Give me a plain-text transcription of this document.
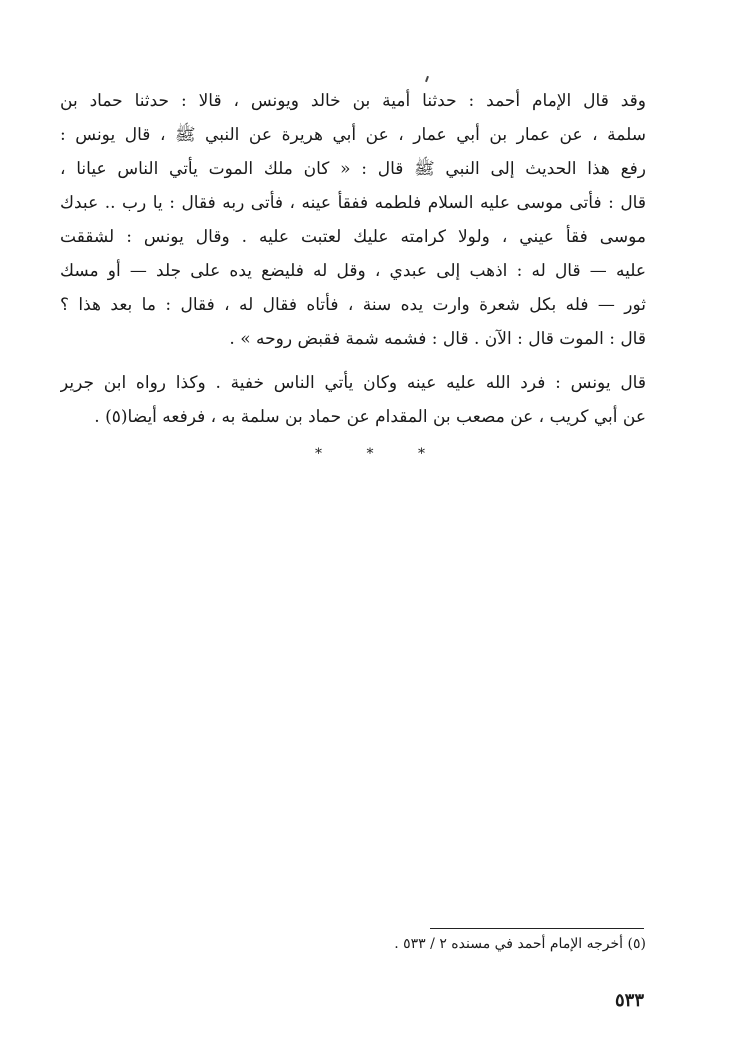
وقد قال الإمام أحمد : حدثنا أمية بن خالد ويونس ، قالا : حدثنا حماد بن
سلمة ، عن عمار بن أبي عمار ، عن أبي هريرة عن النبي ﷺ ، قال يونس :
رفع هذا الحديث إلى النبي ﷺ قال : « كان ملك الموت يأتي الناس عيانا ،
قال : فأتى موسى عليه السلام فلطمه ففقأ عينه ، فأتى ربه فقال : يا رب .. عبدك
موسى فقأ عيني ، ولولا كرامته عليك لعتبت عليه . وقال يونس : لشققت
عليه — قال له : اذهب إلى عبدي ، وقل له فليضع يده على جلد — أو مسك
ثور — فله بكل شعرة وارت يده سنة ، فأتاه فقال له ، فقال : ما بعد هذا ؟
قال : الموت قال : الآن . قال : فشمه شمة فقبض روحه » .
قال يونس : فرد الله عليه عينه وكان يأتي الناس خفية . وكذا رواه ابن جرير
عن أبي كريب ، عن مصعب بن المقدام عن حماد بن سلمة به ، فرفعه أيضا(٥) .
* * *
(٥) أخرجه الإمام أحمد في مسنده ٢ / ٥٣٣ .
٥٣٣
